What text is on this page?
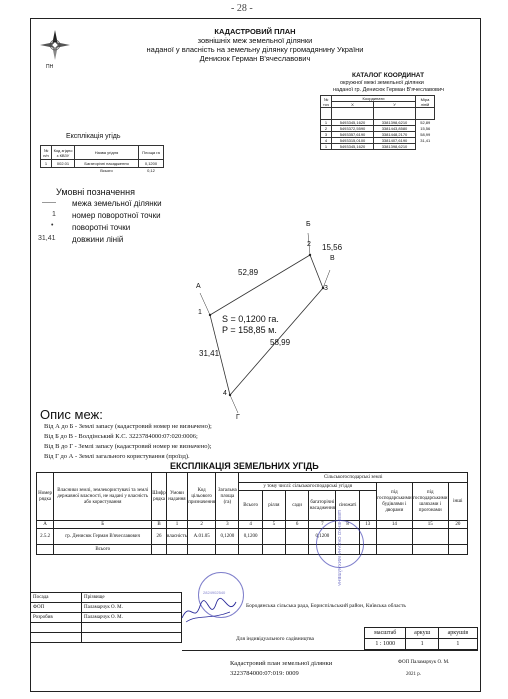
- 28 -
ПН
КАДАСТРОВИЙ ПЛАН
зовнішніх меж земельної ділянки
наданої у власність на земельну ділянку громадянину України
Денисюк Герман В'ячеславович
КАТАЛОГ КООРДИНАТ
окружної межі земельної ділянки
наданої гр. Денисюк Герман В'ячеславович
№ точ	Координати		Міра ліній
	Х	У	

1	5493345,1620	3381398,6210	52,89
2	5493372,5590	3381443,8580	15,56
3	5493357,6190	3381448,2170	58,99
4	5493315,0100	3381407,6190	31,41
1	5493345,1620	3381398,6210	
Експлікація угідь
№ п/п	Код згідно з КВЗУ	Назва угідля	Площа га
1	002.01	Багаторічні насадження	0,1200
		Всього	0,12
Умовні позначення
—— межа земельної ділянки
1 номер поворотної точки
• поворотні точки
31,41 довжини ліній
52,89
15,56
58,99
31,41
1
2
3
4
А
Б
В
Г
S = 0,1200 га.
P = 158,85 м.
Опис меж:
Від А до Б - Землі запасу (кадастровий номер не визначено);
Від Б до В - Волдінський К.С. 3223784000:07:020:0006;
Від В до Г - Землі запасу (кадастровий номер не визначено);
Від Г до А - Землі загального користування (проїзд).
ЕКСПЛІКАЦІЯ ЗЕМЕЛЬНИХ УГІДЬ
Номер рядка	Власники землі, землекористувачі та землі державної власності, не надані у власність або користування	Шифр рядка	Умови надання	Код цільового призначення	Загальна площа (га)	Сільськогосподарські землі								
						у тому числі: сільськогосподарські угіддя						під господарськими будівлями і дворами	під господарськими шляхами і прогонами	інші
						Всього	рілля	сади	багаторічні насадження	сіножаті				
А	Б	В	1	2	3	4	5	6	7	8	13	14	15	20
2.5.2	гр. Денисюк Герман В'ячеславович	26	власність	А.01.05	0,1200	0,1200			0,1200					
	Всього													
Посада	Прізвище
ФОП	Паламарчук О. М.
Розробив	Паламарчук О. М.

2824902540
ШЕВЧЕНКО ОКСАНА МИХАЙЛІВНА
Бородянська сільська рада, Бориспільський район, Київська область
Для індивідуального садівництва
масштаб	аркуш	аркушів
1 : 1000	1	1
Кадастровий план земельної ділянки
3223784000:07:019: 0009
ФОП Паламарчук О. М.
2021 р.
